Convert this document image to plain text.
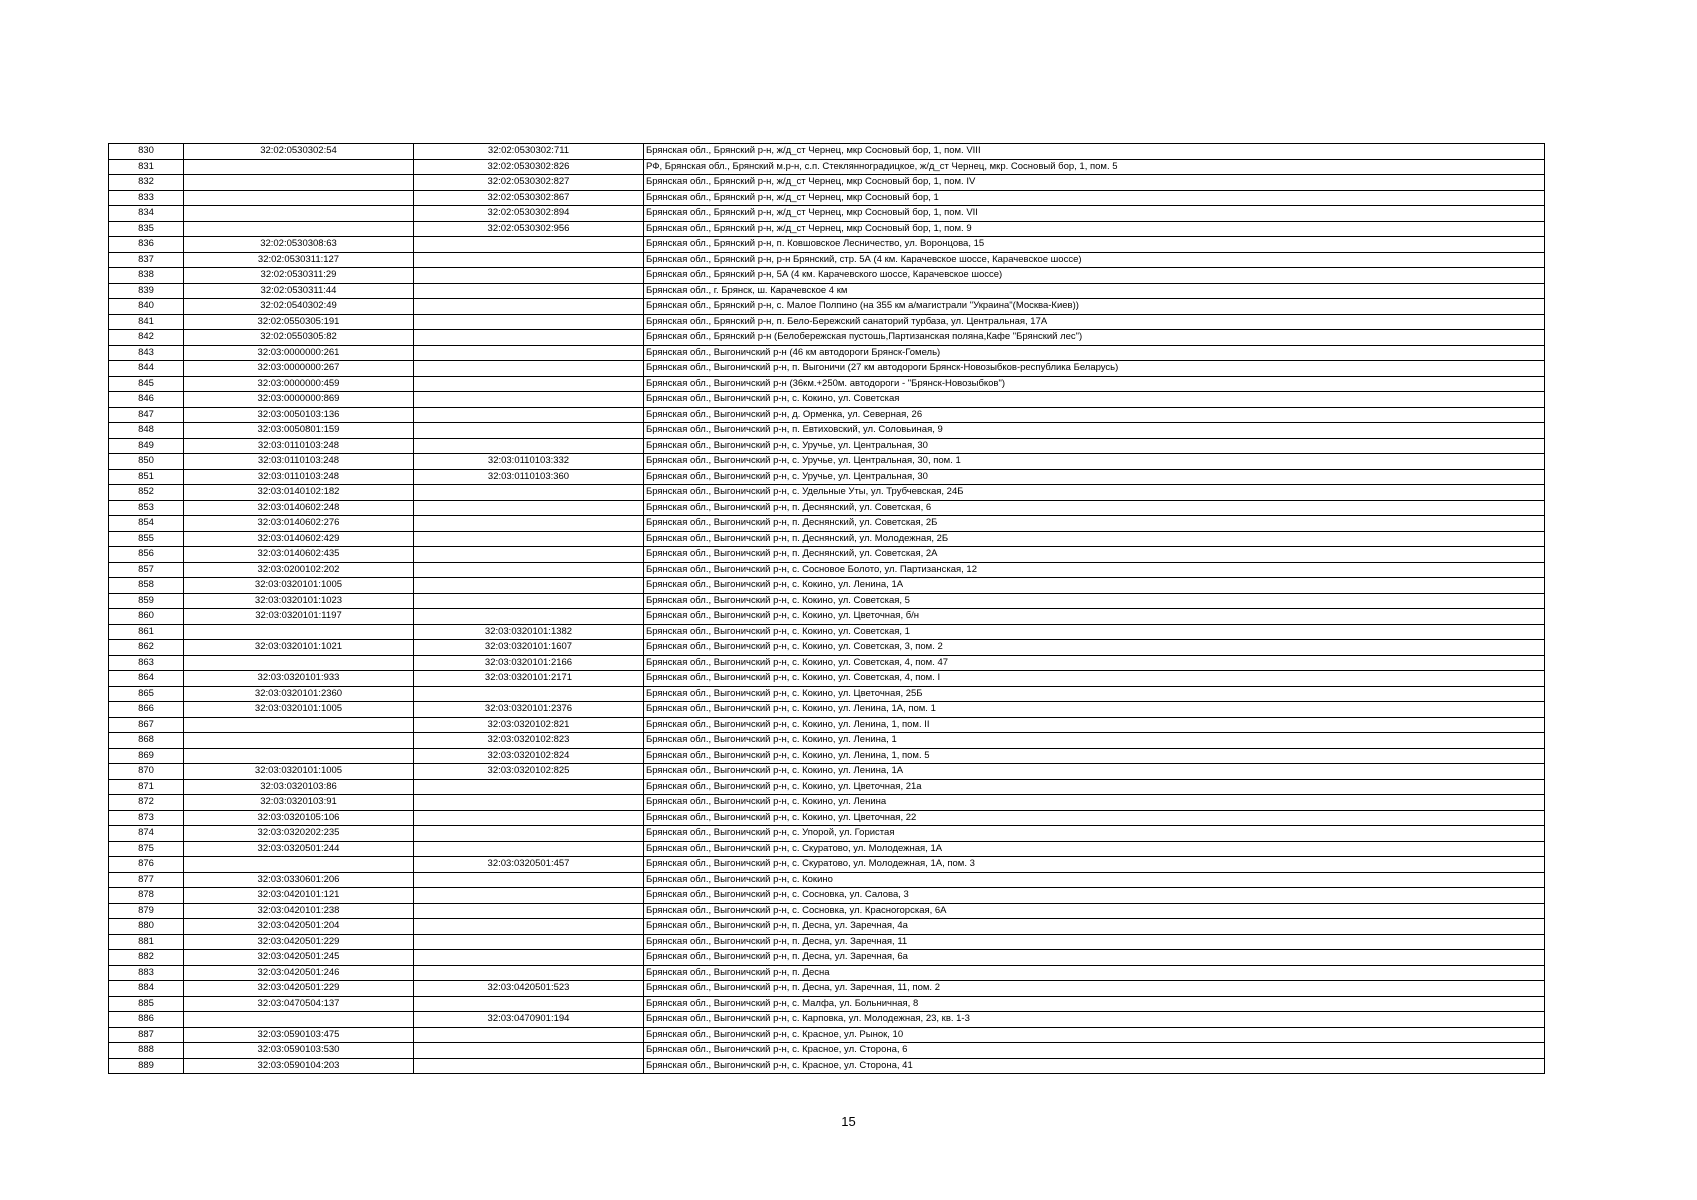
830	32:02:0530302:54	32:02:0530302:711	Брянская обл., Брянский р-н, ж/д_ст Чернец, мкр Сосновый бор, 1, пом. VIII
831		32:02:0530302:826	РФ, Брянская обл., Брянский м.р-н, с.п. Стеклянноградицкое, ж/д_ст Чернец, мкр. Сосновый бор, 1, пом. 5
832		32:02:0530302:827	Брянская обл., Брянский р-н, ж/д_ст Чернец, мкр Сосновый бор, 1, пом. IV
833		32:02:0530302:867	Брянская обл., Брянский р-н, ж/д_ст Чернец, мкр Сосновый бор, 1
834		32:02:0530302:894	Брянская обл., Брянский р-н, ж/д_ст Чернец, мкр Сосновый бор, 1, пом. VII
835		32:02:0530302:956	Брянская обл., Брянский р-н, ж/д_ст Чернец, мкр Сосновый бор, 1, пом. 9
836	32:02:0530308:63		Брянская обл., Брянский р-н, п. Ковшовское Лесничество, ул. Воронцова, 15
837	32:02:0530311:127		Брянская обл., Брянский р-н, р-н Брянский, стр. 5А (4 км. Карачевское шоссе, Карачевское шоссе)
838	32:02:0530311:29		Брянская обл., Брянский р-н, 5А (4 км. Карачевского шоссе, Карачевское шоссе)
839	32:02:0530311:44		Брянская обл., г. Брянск, ш. Карачевское 4 км
840	32:02:0540302:49		Брянская обл., Брянский р-н, с. Малое Полпино (на 355 км а/магистрали "Украина"(Москва-Киев))
841	32:02:0550305:191		Брянская обл., Брянский р-н, п. Бело-Бережский санаторий турбаза, ул. Центральная, 17А
842	32:02:0550305:82		Брянская обл., Брянский р-н (Белобережская пустошь,Партизанская поляна,Кафе "Брянский лес")
843	32:03:0000000:261		Брянская обл., Выгоничский р-н (46 км автодороги Брянск-Гомель)
844	32:03:0000000:267		Брянская обл., Выгоничский р-н, п. Выгоничи (27 км автодороги Брянск-Новозыбков-республика Беларусь)
845	32:03:0000000:459		Брянская обл., Выгоничский р-н (36км.+250м. автодороги - "Брянск-Новозыбков")
846	32:03:0000000:869		Брянская обл., Выгоничский р-н, с. Кокино, ул. Советская
847	32:03:0050103:136		Брянская обл., Выгоничский р-н, д. Орменка, ул. Северная, 26
848	32:03:0050801:159		Брянская обл., Выгоничский р-н, п. Евтиховский, ул. Соловьиная, 9
849	32:03:0110103:248		Брянская обл., Выгоничский р-н, с. Уручье, ул. Центральная, 30
850	32:03:0110103:248	32:03:0110103:332	Брянская обл., Выгоничский р-н, с. Уручье, ул. Центральная, 30, пом. 1
851	32:03:0110103:248	32:03:0110103:360	Брянская обл., Выгоничский р-н, с. Уручье, ул. Центральная, 30
852	32:03:0140102:182		Брянская обл., Выгоничский р-н, с. Удельные Уты, ул. Трубчевская, 24Б
853	32:03:0140602:248		Брянская обл., Выгоничский р-н, п. Деснянский, ул. Советская, 6
854	32:03:0140602:276		Брянская обл., Выгоничский р-н, п. Деснянский, ул. Советская, 2Б
855	32:03:0140602:429		Брянская обл., Выгоничский р-н, п. Деснянский, ул. Молодежная, 2Б
856	32:03:0140602:435		Брянская обл., Выгоничский р-н, п. Деснянский, ул. Советская, 2А
857	32:03:0200102:202		Брянская обл., Выгоничский р-н, с. Сосновое Болото, ул. Партизанская, 12
858	32:03:0320101:1005		Брянская обл., Выгоничский р-н, с. Кокино, ул. Ленина, 1А
859	32:03:0320101:1023		Брянская обл., Выгоничский р-н, с. Кокино, ул. Советская, 5
860	32:03:0320101:1197		Брянская обл., Выгоничский р-н, с. Кокино, ул. Цветочная, б/н
861		32:03:0320101:1382	Брянская обл., Выгоничский р-н, с. Кокино, ул. Советская, 1
862	32:03:0320101:1021	32:03:0320101:1607	Брянская обл., Выгоничский р-н, с. Кокино, ул. Советская, 3, пом. 2
863		32:03:0320101:2166	Брянская обл., Выгоничский р-н, с. Кокино, ул. Советская, 4, пом. 47
864	32:03:0320101:933	32:03:0320101:2171	Брянская обл., Выгоничский р-н, с. Кокино, ул. Советская, 4, пом. I
865	32:03:0320101:2360		Брянская обл., Выгоничский р-н, с. Кокино, ул. Цветочная, 25Б
866	32:03:0320101:1005	32:03:0320101:2376	Брянская обл., Выгоничский р-н, с. Кокино, ул. Ленина, 1А, пом. 1
867		32:03:0320102:821	Брянская обл., Выгоничский р-н, с. Кокино, ул. Ленина, 1, пом. II
868		32:03:0320102:823	Брянская обл., Выгоничский р-н, с. Кокино, ул. Ленина, 1
869		32:03:0320102:824	Брянская обл., Выгоничский р-н, с. Кокино, ул. Ленина, 1, пом. 5
870	32:03:0320101:1005	32:03:0320102:825	Брянская обл., Выгоничский р-н, с. Кокино, ул. Ленина, 1А
871	32:03:0320103:86		Брянская обл., Выгоничский р-н, с. Кокино, ул. Цветочная, 21а
872	32:03:0320103:91		Брянская обл., Выгоничский р-н, с. Кокино, ул. Ленина
873	32:03:0320105:106		Брянская обл., Выгоничский р-н, с. Кокино, ул. Цветочная, 22
874	32:03:0320202:235		Брянская обл., Выгоничский р-н, с. Упорой, ул. Гористая
875	32:03:0320501:244		Брянская обл., Выгоничский р-н, с. Скуратово, ул. Молодежная, 1А
876		32:03:0320501:457	Брянская обл., Выгоничский р-н, с. Скуратово, ул. Молодежная, 1А, пом. 3
877	32:03:0330601:206		Брянская обл., Выгоничский р-н, с. Кокино
878	32:03:0420101:121		Брянская обл., Выгоничский р-н, с. Сосновка, ул. Салова, 3
879	32:03:0420101:238		Брянская обл., Выгоничский р-н, с. Сосновка, ул. Красногорская, 6А
880	32:03:0420501:204		Брянская обл., Выгоничский р-н, п. Десна, ул. Заречная, 4а
881	32:03:0420501:229		Брянская обл., Выгоничский р-н, п. Десна, ул. Заречная, 11
882	32:03:0420501:245		Брянская обл., Выгоничский р-н, п. Десна, ул. Заречная, 6а
883	32:03:0420501:246		Брянская обл., Выгоничский р-н, п. Десна
884	32:03:0420501:229	32:03:0420501:523	Брянская обл., Выгоничский р-н, п. Десна, ул. Заречная, 11, пом. 2
885	32:03:0470504:137		Брянская обл., Выгоничский р-н, с. Малфа, ул. Больничная, 8
886		32:03:0470901:194	Брянская обл., Выгоничский р-н, с. Карповка, ул. Молодежная, 23, кв. 1-3
887	32:03:0590103:475		Брянская обл., Выгоничский р-н, с. Красное, ул. Рынок, 10
888	32:03:0590103:530		Брянская обл., Выгоничский р-н, с. Красное, ул. Сторона, 6
889	32:03:0590104:203		Брянская обл., Выгоничский р-н, с. Красное, ул. Сторона, 41
15
